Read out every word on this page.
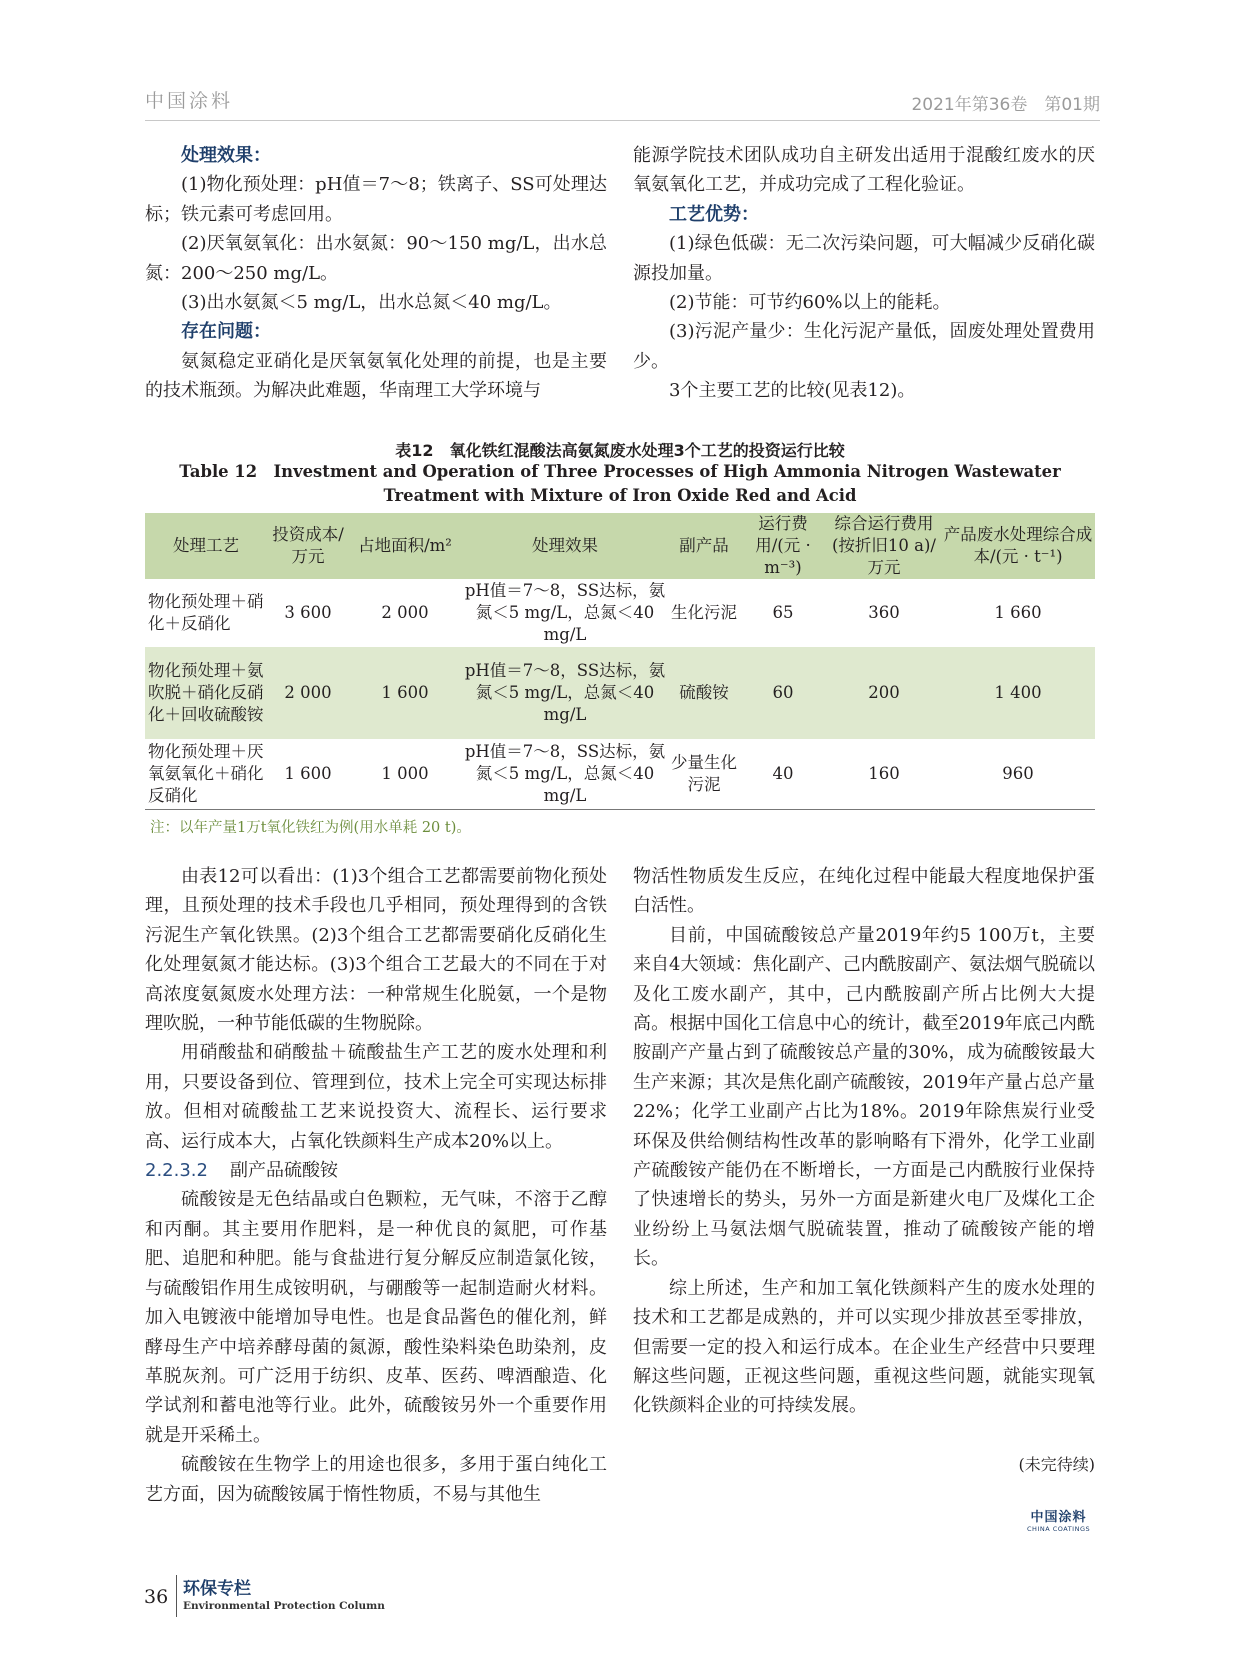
中国涂料	2021年第36卷　第01期

处理效果：

(1)物化预处理：pH值＝7～8；铁离子、SS可处理达标；铁元素可考虑回用。

(2)厌氧氨氧化：出水氨氮：90～150 mg/L，出水总氮：200～250 mg/L。

(3)出水氨氮＜5 mg/L，出水总氮＜40 mg/L。

存在问题：

氨氮稳定亚硝化是厌氧氨氧化处理的前提，也是主要的技术瓶颈。为解决此难题，华南理工大学环境与

能源学院技术团队成功自主研发出适用于混酸红废水的厌氧氨氧化工艺，并成功完成了工程化验证。

工艺优势：

(1)绿色低碳：无二次污染问题，可大幅减少反硝化碳源投加量。

(2)节能：可节约60%以上的能耗。

(3)污泥产量少：生化污泥产量低，固废处理处置费用少。

3个主要工艺的比较(见表12)。

表12　氧化铁红混酸法高氨氮废水处理3个工艺的投资运行比较
Table 12　Investment and Operation of Three Processes of High Ammonia Nitrogen Wastewater Treatment with Mixture of Iron Oxide Red and Acid
处理工艺	投资成本/万元	占地面积/m²	处理效果	副产品	运行费用/(元 · m⁻³)	综合运行费用(按折旧10 a)/万元	产品废水处理综合成本/(元 · t⁻¹)
物化预处理＋硝化＋反硝化	3 600	2 000	pH值＝7～8，SS达标，氨氮＜5 mg/L，总氮＜40 mg/L	生化污泥	65	360	1 660
物化预处理＋氨吹脱＋硝化反硝化＋回收硫酸铵	2 000	1 600	pH值＝7～8，SS达标，氨氮＜5 mg/L，总氮＜40 mg/L	硫酸铵	60	200	1 400
物化预处理＋厌氧氨氧化＋硝化反硝化	1 600	1 000	pH值＝7～8，SS达标，氨氮＜5 mg/L，总氮＜40 mg/L	少量生化污泥	40	160	960
注：以年产量1万t氧化铁红为例(用水单耗 20 t)。

由表12可以看出：(1)3个组合工艺都需要前物化预处理，且预处理的技术手段也几乎相同，预处理得到的含铁污泥生产氧化铁黑。(2)3个组合工艺都需要硝化反硝化生化处理氨氮才能达标。(3)3个组合工艺最大的不同在于对高浓度氨氮废水处理方法：一种常规生化脱氨，一个是物理吹脱，一种节能低碳的生物脱除。

用硝酸盐和硝酸盐＋硫酸盐生产工艺的废水处理和利用，只要设备到位、管理到位，技术上完全可实现达标排放。但相对硫酸盐工艺来说投资大、流程长、运行要求高、运行成本大，占氧化铁颜料生产成本20%以上。

2.2.3.2 副产品硫酸铵

硫酸铵是无色结晶或白色颗粒，无气味，不溶于乙醇和丙酮。其主要用作肥料，是一种优良的氮肥，可作基肥、追肥和种肥。能与食盐进行复分解反应制造氯化铵，与硫酸铝作用生成铵明矾，与硼酸等一起制造耐火材料。加入电镀液中能增加导电性。也是食品酱色的催化剂，鲜酵母生产中培养酵母菌的氮源，酸性染料染色助染剂，皮革脱灰剂。可广泛用于纺织、皮革、医药、啤酒酿造、化学试剂和蓄电池等行业。此外，硫酸铵另外一个重要作用就是开采稀土。

硫酸铵在生物学上的用途也很多，多用于蛋白纯化工艺方面，因为硫酸铵属于惰性物质，不易与其他生

物活性物质发生反应，在纯化过程中能最大程度地保护蛋白活性。

目前，中国硫酸铵总产量2019年约5 100万t，主要来自4大领域：焦化副产、己内酰胺副产、氨法烟气脱硫以及化工废水副产，其中，己内酰胺副产所占比例大大提高。根据中国化工信息中心的统计，截至2019年底己内酰胺副产产量占到了硫酸铵总产量的30%，成为硫酸铵最大生产来源；其次是焦化副产硫酸铵，2019年产量占总产量22%；化学工业副产占比为18%。2019年除焦炭行业受环保及供给侧结构性改革的影响略有下滑外，化学工业副产硫酸铵产能仍在不断增长，一方面是己内酰胺行业保持了快速增长的势头，另外一方面是新建火电厂及煤化工企业纷纷上马氨法烟气脱硫装置，推动了硫酸铵产能的增长。

综上所述，生产和加工氧化铁颜料产生的废水处理的技术和工艺都是成熟的，并可以实现少排放甚至零排放，但需要一定的投入和运行成本。在企业生产经营中只要理解这些问题，正视这些问题，重视这些问题，就能实现氧化铁颜料企业的可持续发展。

(未完待续)
中国涂料
CHINA COATINGS
36 环保专栏
Environmental Protection Column
